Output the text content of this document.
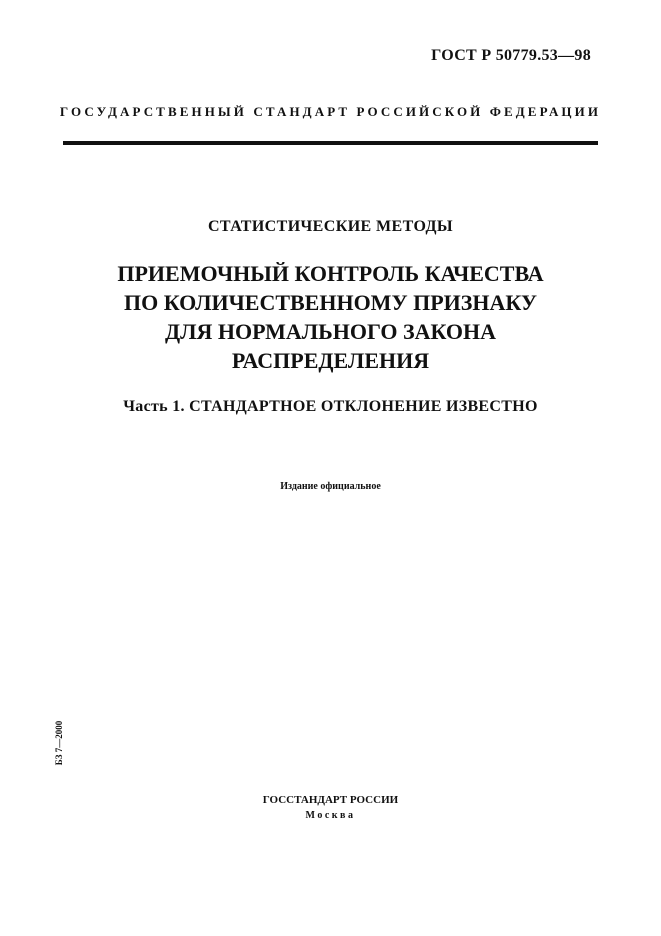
ГОСТ Р 50779.53—98
ГОСУДАРСТВЕННЫЙ СТАНДАРТ РОССИЙСКОЙ ФЕДЕРАЦИИ
СТАТИСТИЧЕСКИЕ МЕТОДЫ
ПРИЕМОЧНЫЙ КОНТРОЛЬ КАЧЕСТВА
ПО КОЛИЧЕСТВЕННОМУ ПРИЗНАКУ
ДЛЯ НОРМАЛЬНОГО ЗАКОНА
РАСПРЕДЕЛЕНИЯ
Часть 1. СТАНДАРТНОЕ ОТКЛОНЕНИЕ ИЗВЕСТНО
Издание официальное
БЗ 7—2000
ГОССТАНДАРТ РОССИИ
Москва
